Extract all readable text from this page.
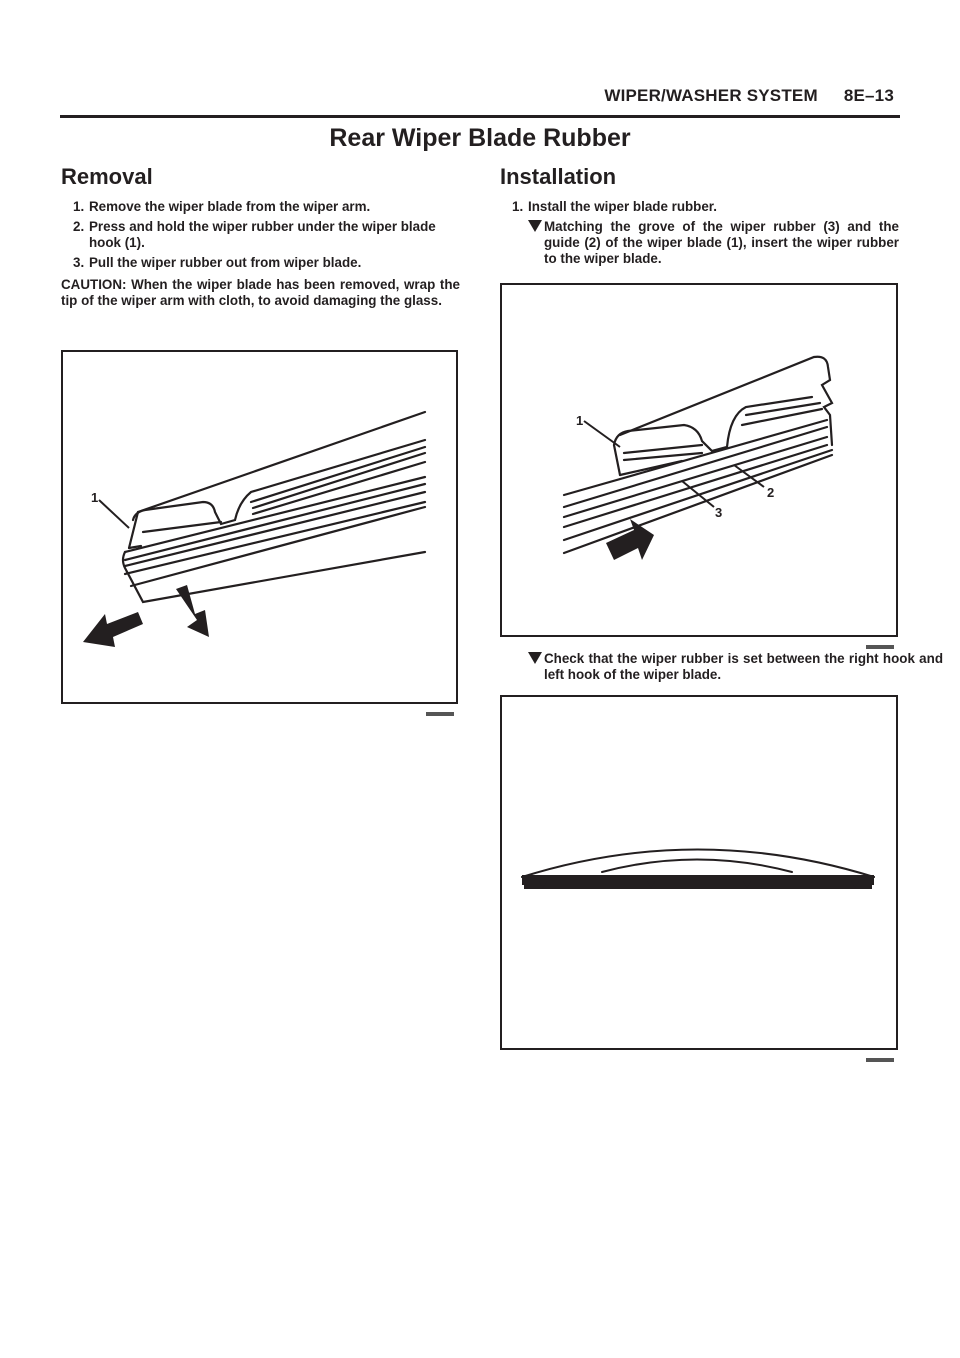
WIPER/WASHER SYSTEM 8E–13
Rear Wiper Blade Rubber
Removal
1. Remove the wiper blade from the wiper arm.
2. Press and hold the wiper rubber under the wiper blade hook (1).
3. Pull the wiper rubber out from wiper blade.
CAUTION: When the wiper blade has been removed, wrap the tip of the wiper arm with cloth, to avoid damaging the glass.
1
Installation
1. Install the wiper blade rubber.
Matching the grove of the wiper rubber (3) and the guide (2) of the wiper blade (1), insert the wiper rubber to the wiper blade.
1
2
3
Check that the wiper rubber is set between the right hook and left hook of the wiper blade.
